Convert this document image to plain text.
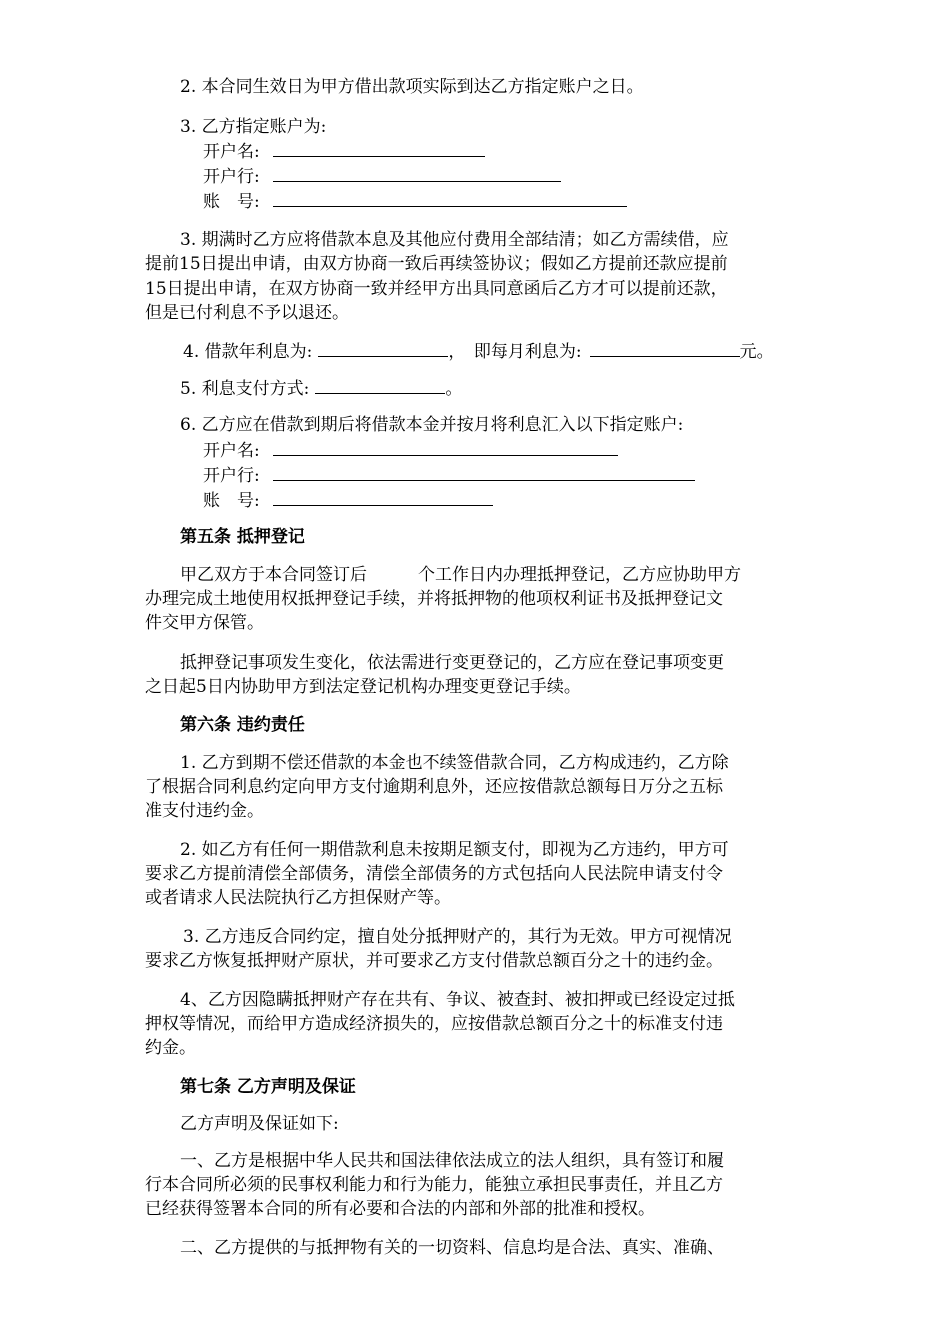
2. 本合同生效日为甲方借出款项实际到达乙方指定账户之日。
3. 乙方指定账户为:
开户名:
开户行:
账　号:
3. 期满时乙方应将借款本息及其他应付费用全部结清；如乙方需续借，应
提前15日提出申请，由双方协商一致后再续签协议；假如乙方提前还款应提前
15日提出申请，在双方协商一致并经甲方出具同意函后乙方才可以提前还款，
但是已付利息不予以退还。
4. 借款年利息为:	，　即每月利息为:	元。
5. 利息支付方式:	。
6. 乙方应在借款到期后将借款本金并按月将利息汇入以下指定账户:
开户名:
开户行:
账　号:
第五条 抵押登记
甲乙双方于本合同签订后　　　个工作日内办理抵押登记，乙方应协助甲方
办理完成土地使用权抵押登记手续，并将抵押物的他项权利证书及抵押登记文
件交甲方保管。
抵押登记事项发生变化，依法需进行变更登记的，乙方应在登记事项变更
之日起5日内协助甲方到法定登记机构办理变更登记手续。
第六条 违约责任
1. 乙方到期不偿还借款的本金也不续签借款合同，乙方构成违约，乙方除
了根据合同利息约定向甲方支付逾期利息外，还应按借款总额每日万分之五标
准支付违约金。
2. 如乙方有任何一期借款利息未按期足额支付，即视为乙方违约，甲方可
要求乙方提前清偿全部债务，清偿全部债务的方式包括向人民法院申请支付令
或者请求人民法院执行乙方担保财产等。
3. 乙方违反合同约定，擅自处分抵押财产的，其行为无效。甲方可视情况
要求乙方恢复抵押财产原状，并可要求乙方支付借款总额百分之十的违约金。
4、乙方因隐瞒抵押财产存在共有、争议、被查封、被扣押或已经设定过抵
押权等情况，而给甲方造成经济损失的，应按借款总额百分之十的标准支付违
约金。
第七条 乙方声明及保证
乙方声明及保证如下:
一、乙方是根据中华人民共和国法律依法成立的法人组织，具有签订和履
行本合同所必须的民事权利能力和行为能力，能独立承担民事责任，并且乙方
已经获得签署本合同的所有必要和合法的内部和外部的批准和授权。
二、乙方提供的与抵押物有关的一切资料、信息均是合法、真实、准确、
